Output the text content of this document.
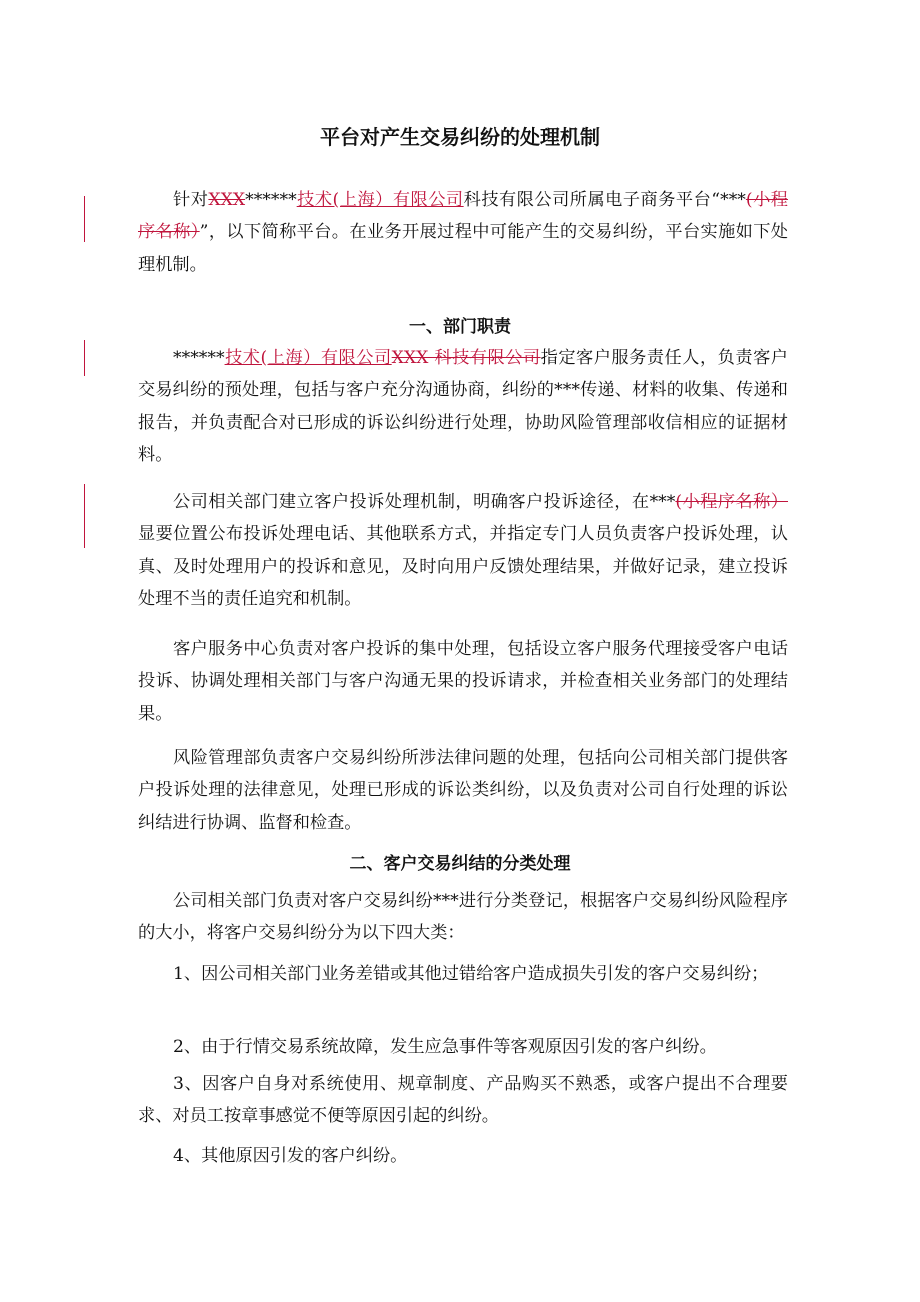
平台对产生交易纠纷的处理机制

针对XXX******技术(上海）有限公司科技有限公司所属电子商务平台“***(小程序名称）”，以下简称平台。在业务开展过程中可能产生的交易纠纷，平台实施如下处理机制。

一、部门职责

******技术(上海）有限公司XXX 科技有限公司指定客户服务责任人，负责客户交易纠纷的预处理，包括与客户充分沟通协商，纠纷的***传递、材料的收集、传递和报告，并负责配合对已形成的诉讼纠纷进行处理，协助风险管理部收信相应的证据材料。

公司相关部门建立客户投诉处理机制，明确客户投诉途径，在***(小程序名称）显要位置公布投诉处理电话、其他联系方式，并指定专门人员负责客户投诉处理，认真、及时处理用户的投诉和意见，及时向用户反馈处理结果，并做好记录，建立投诉处理不当的责任追究和机制。

客户服务中心负责对客户投诉的集中处理，包括设立客户服务代理接受客户电话投诉、协调处理相关部门与客户沟通无果的投诉请求，并检查相关业务部门的处理结果。

风险管理部负责客户交易纠纷所涉法律问题的处理，包括向公司相关部门提供客户投诉处理的法律意见，处理已形成的诉讼类纠纷，以及负责对公司自行处理的诉讼纠结进行协调、监督和检查。

二、客户交易纠结的分类处理

公司相关部门负责对客户交易纠纷***进行分类登记，根据客户交易纠纷风险程序的大小，将客户交易纠纷分为以下四大类：

1、因公司相关部门业务差错或其他过错给客户造成损失引发的客户交易纠纷；

2、由于行情交易系统故障，发生应急事件等客观原因引发的客户纠纷。

3、因客户自身对系统使用、规章制度、产品购买不熟悉，或客户提出不合理要求、对员工按章事感觉不便等原因引起的纠纷。

4、其他原因引发的客户纠纷。
